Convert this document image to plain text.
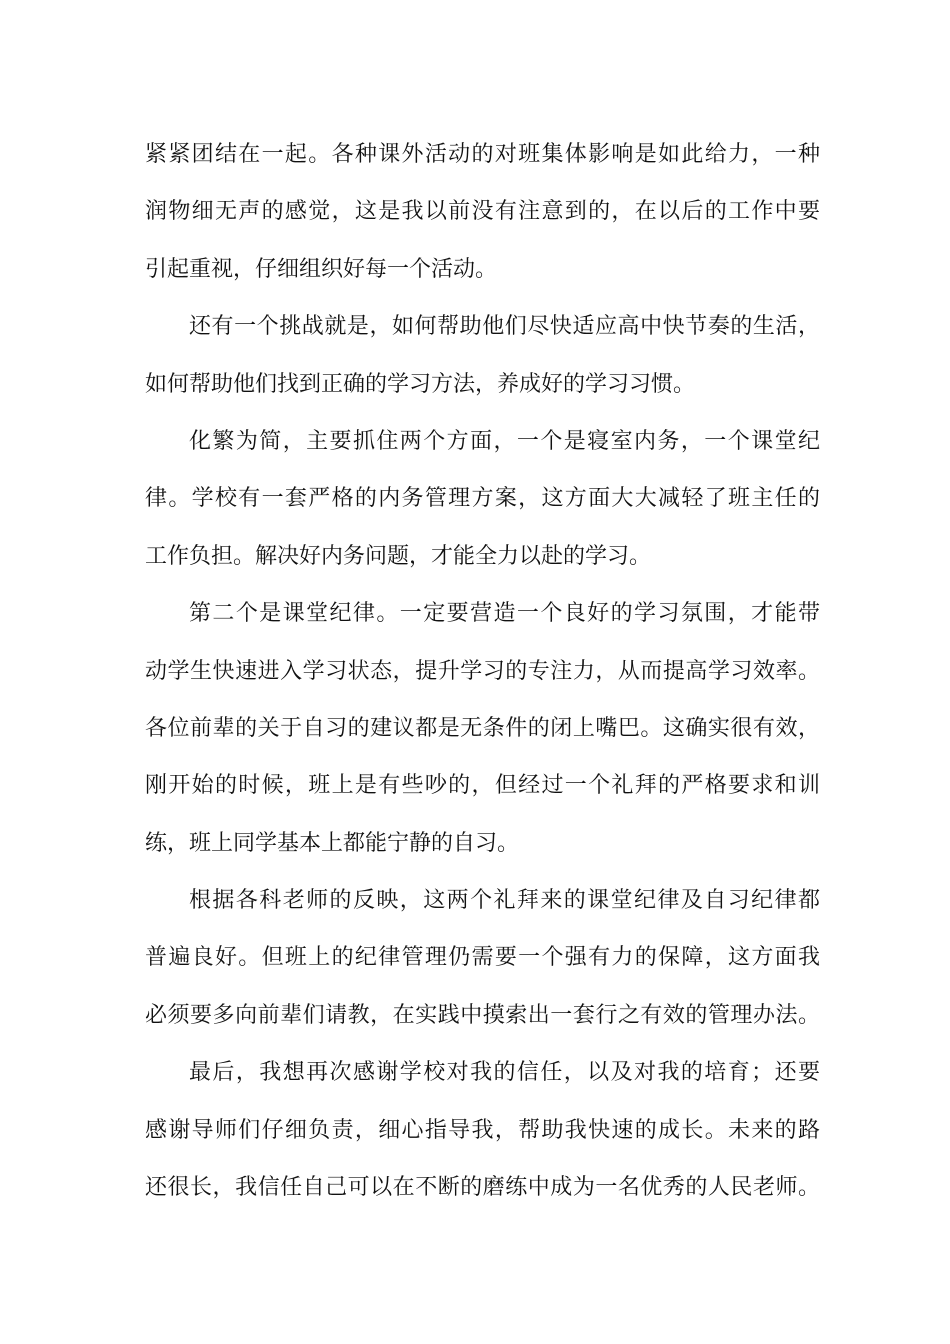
紧紧团结在一起。各种课外活动的对班集体影响是如此给力，一种
润物细无声的感觉，这是我以前没有注意到的，在以后的工作中要
引起重视，仔细组织好每一个活动。
还有一个挑战就是，如何帮助他们尽快适应高中快节奏的生活，
如何帮助他们找到正确的学习方法，养成好的学习习惯。
化繁为简，主要抓住两个方面，一个是寝室内务，一个课堂纪
律。学校有一套严格的内务管理方案，这方面大大减轻了班主任的
工作负担。解决好内务问题，才能全力以赴的学习。
第二个是课堂纪律。一定要营造一个良好的学习氛围，才能带
动学生快速进入学习状态，提升学习的专注力，从而提高学习效率。
各位前辈的关于自习的建议都是无条件的闭上嘴巴。这确实很有效，
刚开始的时候，班上是有些吵的，但经过一个礼拜的严格要求和训
练，班上同学基本上都能宁静的自习。
根据各科老师的反映，这两个礼拜来的课堂纪律及自习纪律都
普遍良好。但班上的纪律管理仍需要一个强有力的保障，这方面我
必须要多向前辈们请教，在实践中摸索出一套行之有效的管理办法。
最后，我想再次感谢学校对我的信任，以及对我的培育；还要
感谢导师们仔细负责，细心指导我，帮助我快速的成长。未来的路
还很长，我信任自己可以在不断的磨练中成为一名优秀的人民老师。
